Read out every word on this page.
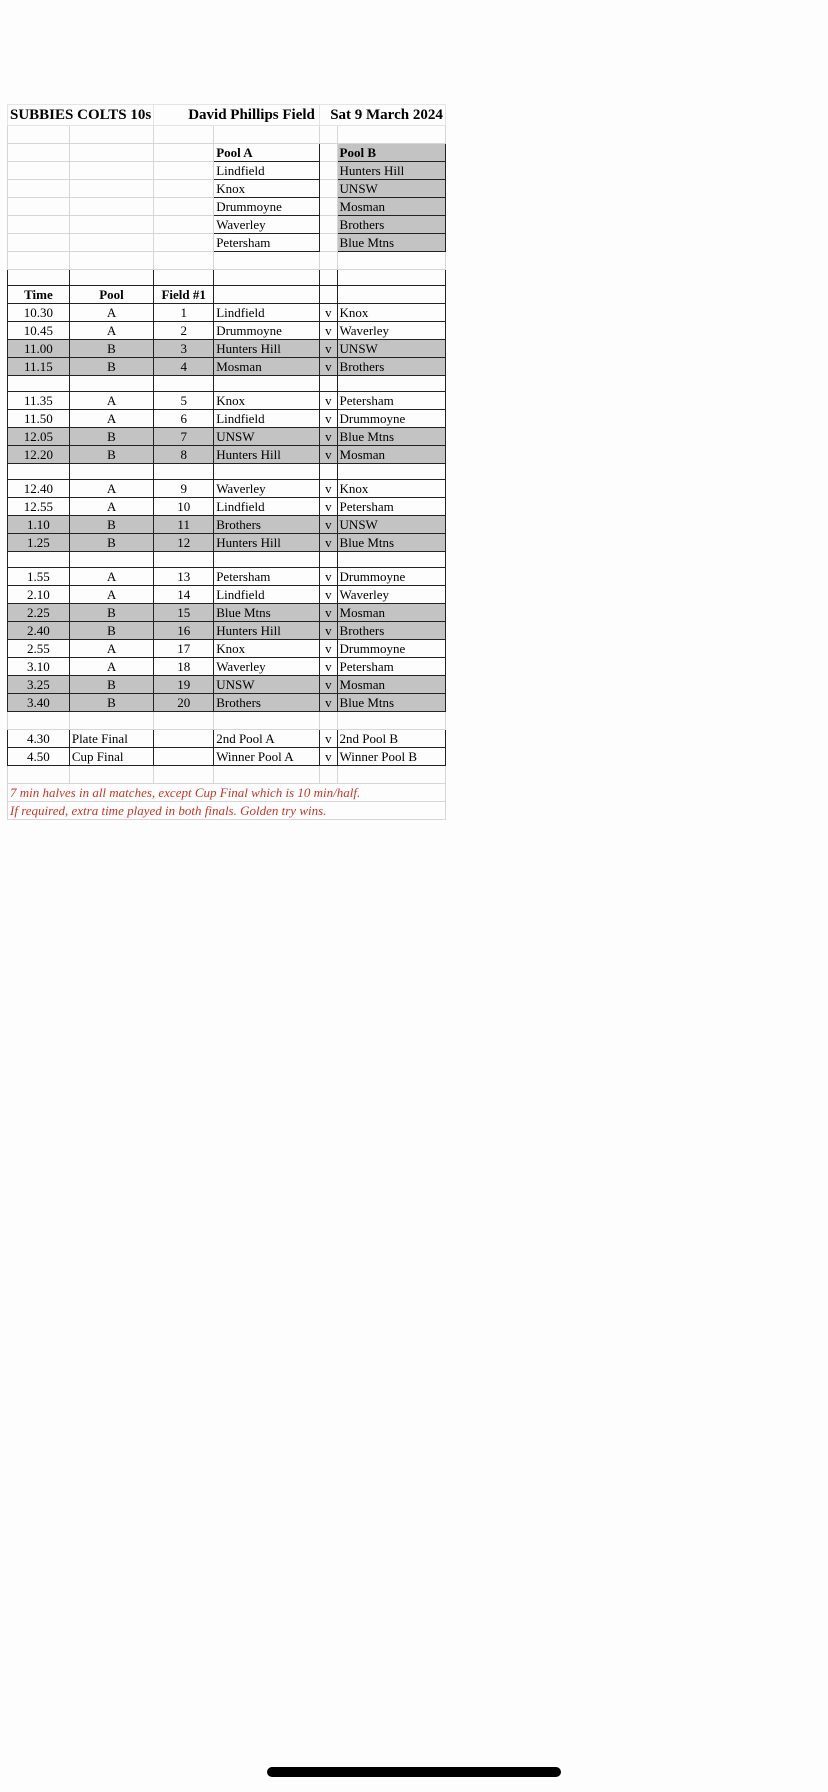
SUBBIES COLTS 10s		David Phillips Field		Sat 9 March 2024	

			Pool A		Pool B
			Lindfield		Hunters Hill
			Knox		UNSW
			Drummoyne		Mosman
			Waverley		Brothers
			Petersham		Blue Mtns

Time	Pool	Field #1			
10.30	A	1	Lindfield	v	Knox
10.45	A	2	Drummoyne	v	Waverley
11.00	B	3	Hunters Hill	v	UNSW
11.15	B	4	Mosman	v	Brothers

11.35	A	5	Knox	v	Petersham
11.50	A	6	Lindfield	v	Drummoyne
12.05	B	7	UNSW	v	Blue Mtns
12.20	B	8	Hunters Hill	v	Mosman

12.40	A	9	Waverley	v	Knox
12.55	A	10	Lindfield	v	Petersham
1.10	B	11	Brothers	v	UNSW
1.25	B	12	Hunters Hill	v	Blue Mtns

1.55	A	13	Petersham	v	Drummoyne
2.10	A	14	Lindfield	v	Waverley
2.25	B	15	Blue Mtns	v	Mosman
2.40	B	16	Hunters Hill	v	Brothers
2.55	A	17	Knox	v	Drummoyne
3.10	A	18	Waverley	v	Petersham
3.25	B	19	UNSW	v	Mosman
3.40	B	20	Brothers	v	Blue Mtns

4.30	Plate Final		2nd Pool A	v	2nd Pool B
4.50	Cup Final		Winner Pool A	v	Winner Pool B

7 min halves in all matches, except Cup Final which is 10 min/half.					
If required, extra time played in both finals. Golden try wins.					
